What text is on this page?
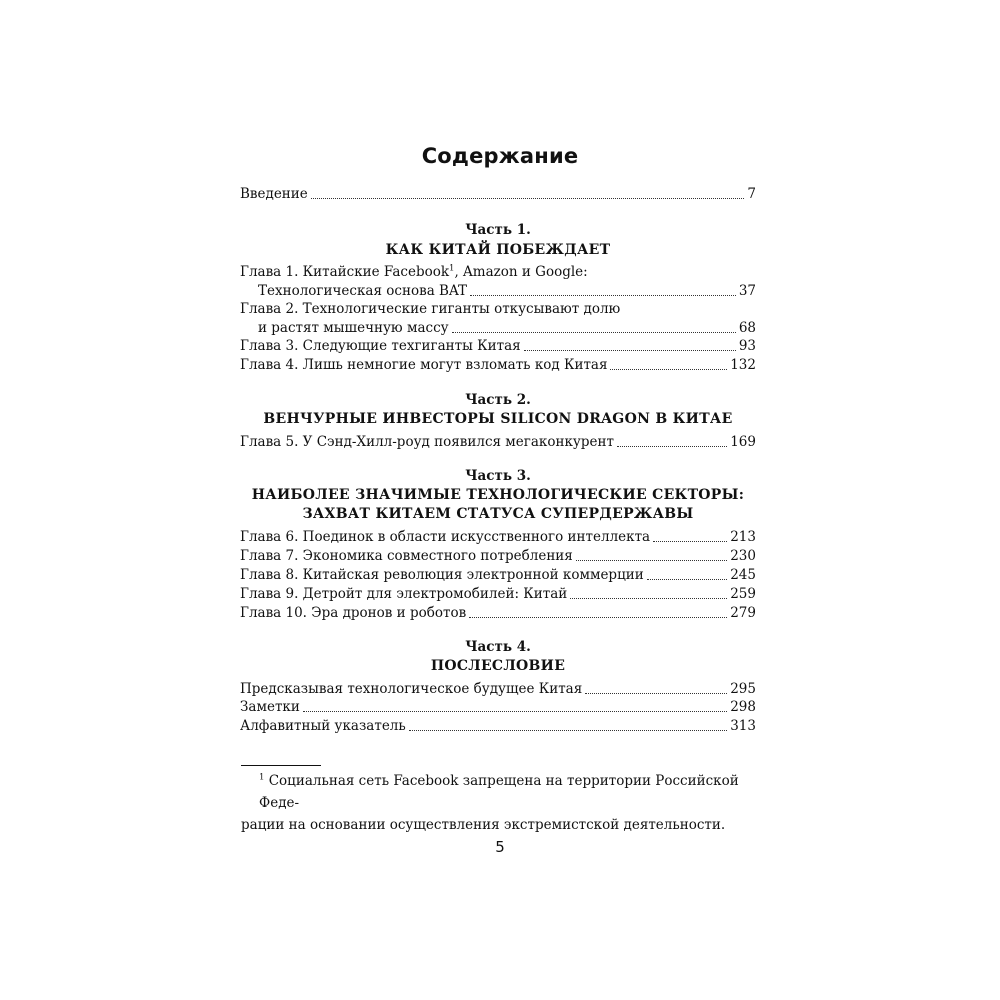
Содержание
Введение	7
Часть 1.
КАК КИТАЙ ПОБЕЖДАЕТ
Глава 1. Китайские Facebook$^1$, Amazon и Google:
Технологическая основа BAT	37
Глава 2. Технологические гиганты откусывают долю
и растят мышечную массу	68
Глава 3. Следующие техгиганты Китая	93
Глава 4. Лишь немногие могут взломать код Китая	132
Часть 2.
ВЕНЧУРНЫЕ ИНВЕСТОРЫ SILICON DRAGON В КИТАЕ
Глава 5. У Сэнд-Хилл-роуд появился мегаконкурент	169
Часть 3.
НАИБОЛЕЕ ЗНАЧИМЫЕ ТЕХНОЛОГИЧЕСКИЕ СЕКТОРЫ:
ЗАХВАТ КИТАЕМ СТАТУСА СУПЕРДЕРЖАВЫ
Глава 6. Поединок в области искусственного интеллекта	213
Глава 7. Экономика совместного потребления	230
Глава 8. Китайская революция электронной коммерции	245
Глава 9. Детройт для электромобилей: Китай	259
Глава 10. Эра дронов и роботов	279
Часть 4.
ПОСЛЕСЛОВИЕ
Предсказывая технологическое будущее Китая	295
Заметки	298
Алфавитный указатель	313
$^1$ Социальная сеть Facebook запрещена на территории Российской Феде-
рации на основании осуществления экстремистской деятельности.
5
